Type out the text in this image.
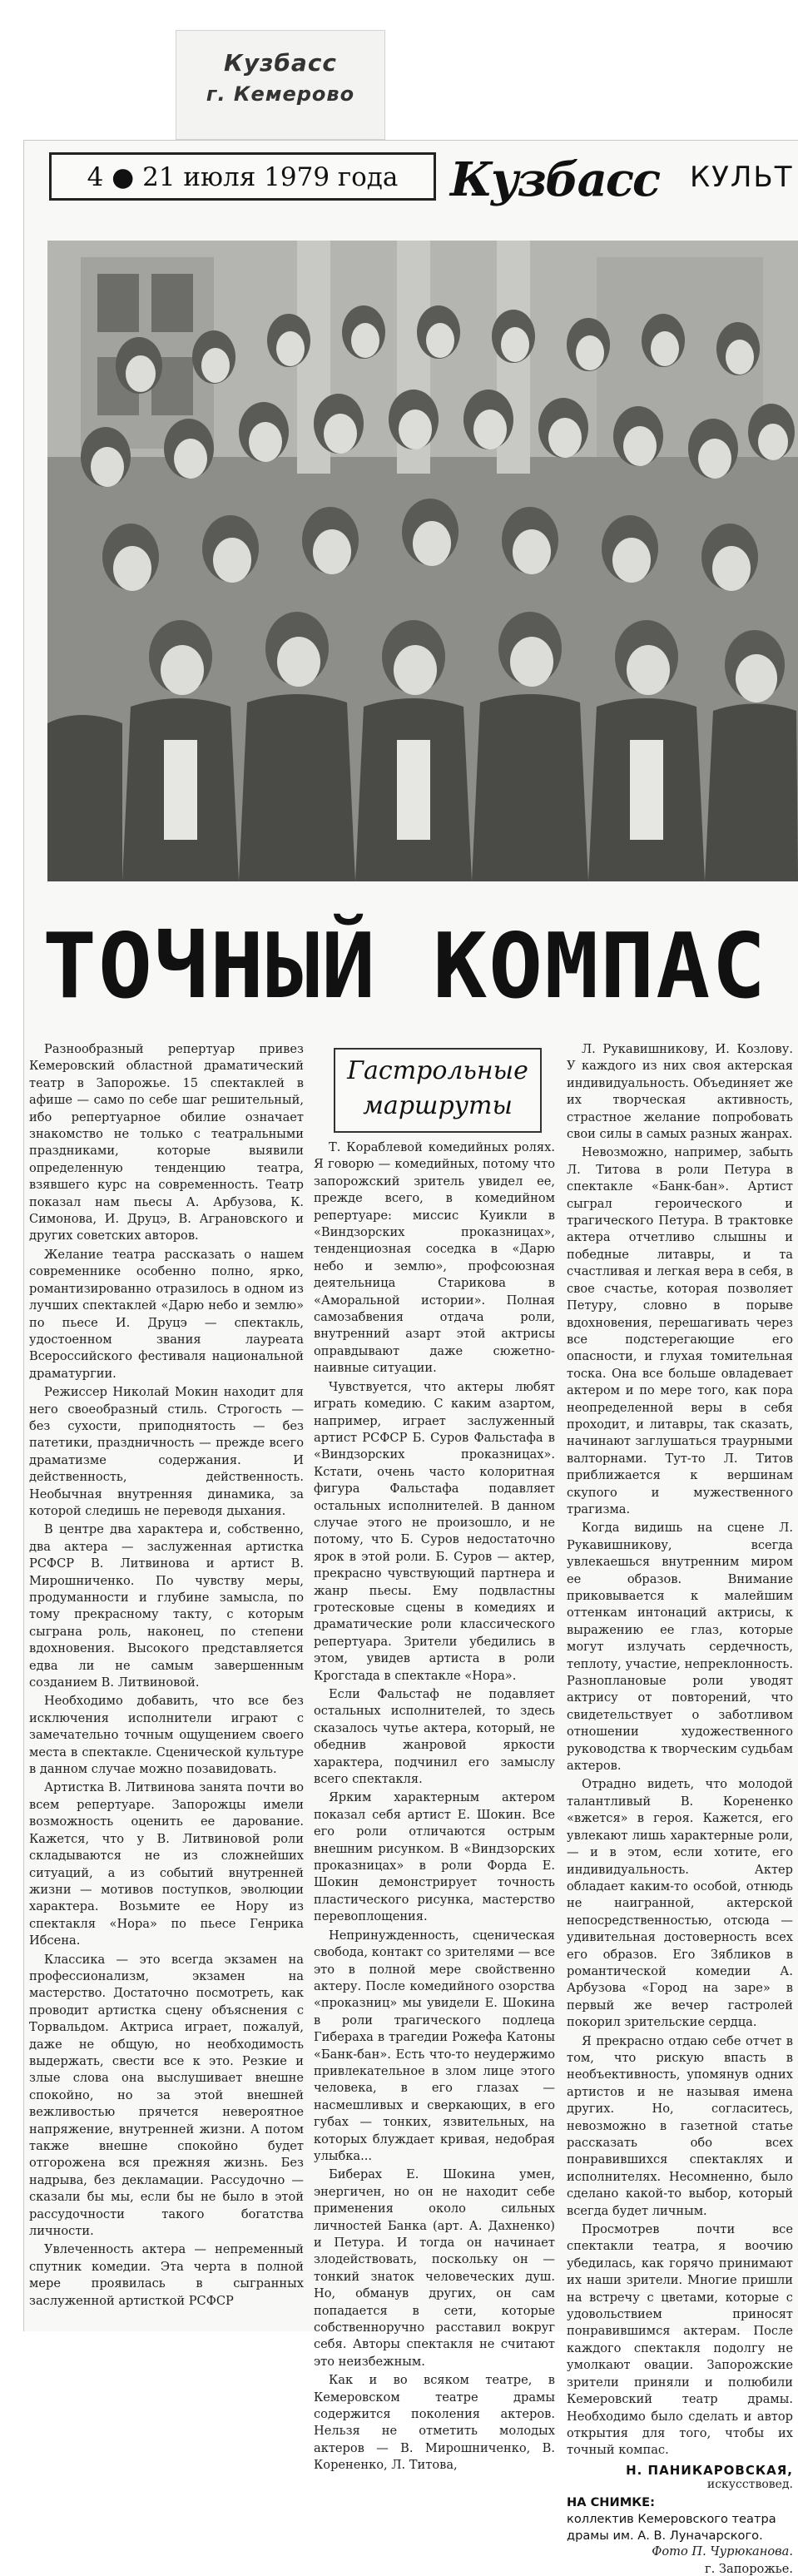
Кузбасс
г. Кемерово
4 ● 21 июля 1979 года	Кузбасс КУЛЬТ
ТОЧНЫЙ КОМПАС
Гастрольные
маршруты

Разнообразный репертуар привез Кемеровский областной драматический театр в Запорожье. 15 спектаклей в афише — само по себе шаг решительный, ибо репертуарное обилие означает знакомство не только с театральными праздниками, которые выявили определенную тенденцию театра, взявшего курс на современность. Театр показал нам пьесы А. Арбузова, К. Симонова, И. Друцэ, В. Аграновского и других советских авторов.

Желание театра рассказать о нашем современнике особенно полно, ярко, романтизированно отразилось в одном из лучших спектаклей «Дарю небо и землю» по пьесе И. Друцэ — спектакль, удостоенном звания лауреата Всероссийского фестиваля национальной драматургии.

Режиссер Николай Мокин находит для него своеобразный стиль. Строгость — без сухости, приподнятость — без патетики, праздничность — прежде всего драматизме содержания. И действенность, действенность. Необычная внутренняя динамика, за которой следишь не переводя дыхания.

В центре два характера и, собственно, два актера — заслуженная артистка РСФСР В. Литвинова и артист В. Мирошниченко. По чувству меры, продуманности и глубине замысла, по тому прекрасному такту, с которым сыграна роль, наконец, по степени вдохновения. Высокого представляется едва ли не самым завершенным созданием В. Литвиновой.

Необходимо добавить, что все без исключения исполнители играют с замечательно точным ощущением своего места в спектакле. Сценической культуре в данном случае можно позавидовать.

Артистка В. Литвинова занята почти во всем репертуаре. Запорожцы имели возможность оценить ее дарование. Кажется, что у В. Литвиновой роли складываются не из сложнейших ситуаций, а из событий внутренней жизни — мотивов поступков, эволюции характера. Возьмите ее Нору из спектакля «Нора» по пьесе Генрика Ибсена.

Классика — это всегда экзамен на профессионализм, экзамен на мастерство. Достаточно посмотреть, как проводит артистка сцену объяснения с Торвальдом. Актриса играет, пожалуй, даже не общую, но необходимость выдержать, свести все к это. Резкие и злые слова она выслушивает внешне спокойно, но за этой внешней вежливостью прячется невероятное напряжение, внутренней жизни. А потом также внешне спокойно будет отгорожена вся прежняя жизнь. Без надрыва, без декламации. Рассудочно — сказали бы мы, если бы не было в этой рассудочности такого богатства личности.

Увлеченность актера — непременный спутник комедии. Эта черта в полной мере проявилась в сыгранных заслуженной артисткой РСФСР

Т. Кораблевой комедийных ролях. Я говорю — комедийных, потому что запорожский зритель увидел ее, прежде всего, в комедийном репертуаре: миссис Куикли в «Виндзорских проказницах», тенденциозная соседка в «Дарю небо и землю», профсоюзная деятельница Старикова в «Аморальной истории». Полная самозабвения отдача роли, внутренний азарт этой актрисы оправдывают даже сюжетно-наивные ситуации.

Чувствуется, что актеры любят играть комедию. С каким азартом, например, играет заслуженный артист РСФСР Б. Суров Фальстафа в «Виндзорских проказницах». Кстати, очень часто колоритная фигура Фальстафа подавляет остальных исполнителей. В данном случае этого не произошло, и не потому, что Б. Суров недостаточно ярок в этой роли. Б. Суров — актер, прекрасно чувствующий партнера и жанр пьесы. Ему подвластны гротесковые сцены в комедиях и драматические роли классического репертуара. Зрители убедились в этом, увидев артиста в роли Крогстада в спектакле «Нора».

Если Фальстаф не подавляет остальных исполнителей, то здесь сказалось чутье актера, который, не обеднив жанровой яркости характера, подчинил его замыслу всего спектакля.

Ярким характерным актером показал себя артист Е. Шокин. Все его роли отличаются острым внешним рисунком. В «Виндзорских проказницах» в роли Форда Е. Шокин демонстрирует точность пластического рисунка, мастерство перевоплощения.

Непринужденность, сценическая свобода, контакт со зрителями — все это в полной мере свойственно актеру. После комедийного озорства «проказниц» мы увидели Е. Шокина в роли трагического подлеца Гибераха в трагедии Рожефа Катоны «Банк-бан». Есть что-то неудержимо привлекательное в злом лице этого человека, в его глазах — насмешливых и сверкающих, в его губах — тонких, язвительных, на которых блуждает кривая, недобрая улыбка...

Биберах Е. Шокина умен, энергичен, но он не находит себе применения около сильных личностей Банка (арт. А. Дахненко) и Петура. И тогда он начинает злодействовать, поскольку он — тонкий знаток человеческих душ. Но, обманув других, он сам попадается в сети, которые собственноручно расставил вокруг себя. Авторы спектакля не считают это неизбежным.

Как и во всяком театре, в Кемеровском театре драмы содержится поколения актеров. Нельзя не отметить молодых актеров — В. Мирошниченко, В. Корененко, Л. Титова,

Л. Рукавишникову, И. Козлову. У каждого из них своя актерская индивидуальность. Объединяет же их творческая активность, страстное желание попробовать свои силы в самых разных жанрах.

Невозможно, например, забыть Л. Титова в роли Петура в спектакле «Банк-бан». Артист сыграл героического и трагического Петура. В трактовке актера отчетливо слышны и победные литавры, и та счастливая и легкая вера в себя, в свое счастье, которая позволяет Петуру, словно в порыве вдохновения, перешагивать через все подстерегающие его опасности, и глухая томительная тоска. Она все больше овладевает актером и по мере того, как пора неопределенной веры в себя проходит, и литавры, так сказать, начинают заглушаться траурными валторнами. Тут-то Л. Титов приближается к вершинам скупого и мужественного трагизма.

Когда видишь на сцене Л. Рукавишникову, всегда увлекаешься внутренним миром ее образов. Внимание приковывается к малейшим оттенкам интонаций актрисы, к выражению ее глаз, которые могут излучать сердечность, теплоту, участие, непреклонность. Разноплановые роли уводят актрису от повторений, что свидетельствует о заботливом отношении художественного руководства к творческим судьбам актеров.

Отрадно видеть, что молодой талантливый В. Корененко «вжется» в героя. Кажется, его увлекают лишь характерные роли, — и в этом, если хотите, его индивидуальность. Актер обладает каким-то особой, отнюдь не наигранной, актерской непосредственностью, отсюда — удивительная достоверность всех его образов. Его Зябликов в романтической комедии А. Арбузова «Город на заре» в первый же вечер гастролей покорил зрительские сердца.

Я прекрасно отдаю себе отчет в том, что рискую впасть в необъективность, упомянув одних артистов и не называя имена других. Но, согласитесь, невозможно в газетной статье рассказать обо всех понравившихся спектаклях и исполнителях. Несомненно, было сделано какой-то выбор, который всегда будет личным.

Просмотрев почти все спектакли театра, я воочию убедилась, как горячо принимают их наши зрители. Многие пришли на встречу с цветами, которые с удовольствием приносят понравившимся актерам. После каждого спектакля подолгу не умолкают овации. Запорожские зрители приняли и полюбили Кемеровский театр драмы. Необходимо было сделать и автор открытия для того, чтобы их точный компас.

Н. ПАНИКАРОВСКАЯ,
искусствовед.
НА СНИМКЕ:
коллектив Кемеровского театра драмы им. А. В. Луначарского.
Фото П. Чурюканова.
г. Запорожье.
